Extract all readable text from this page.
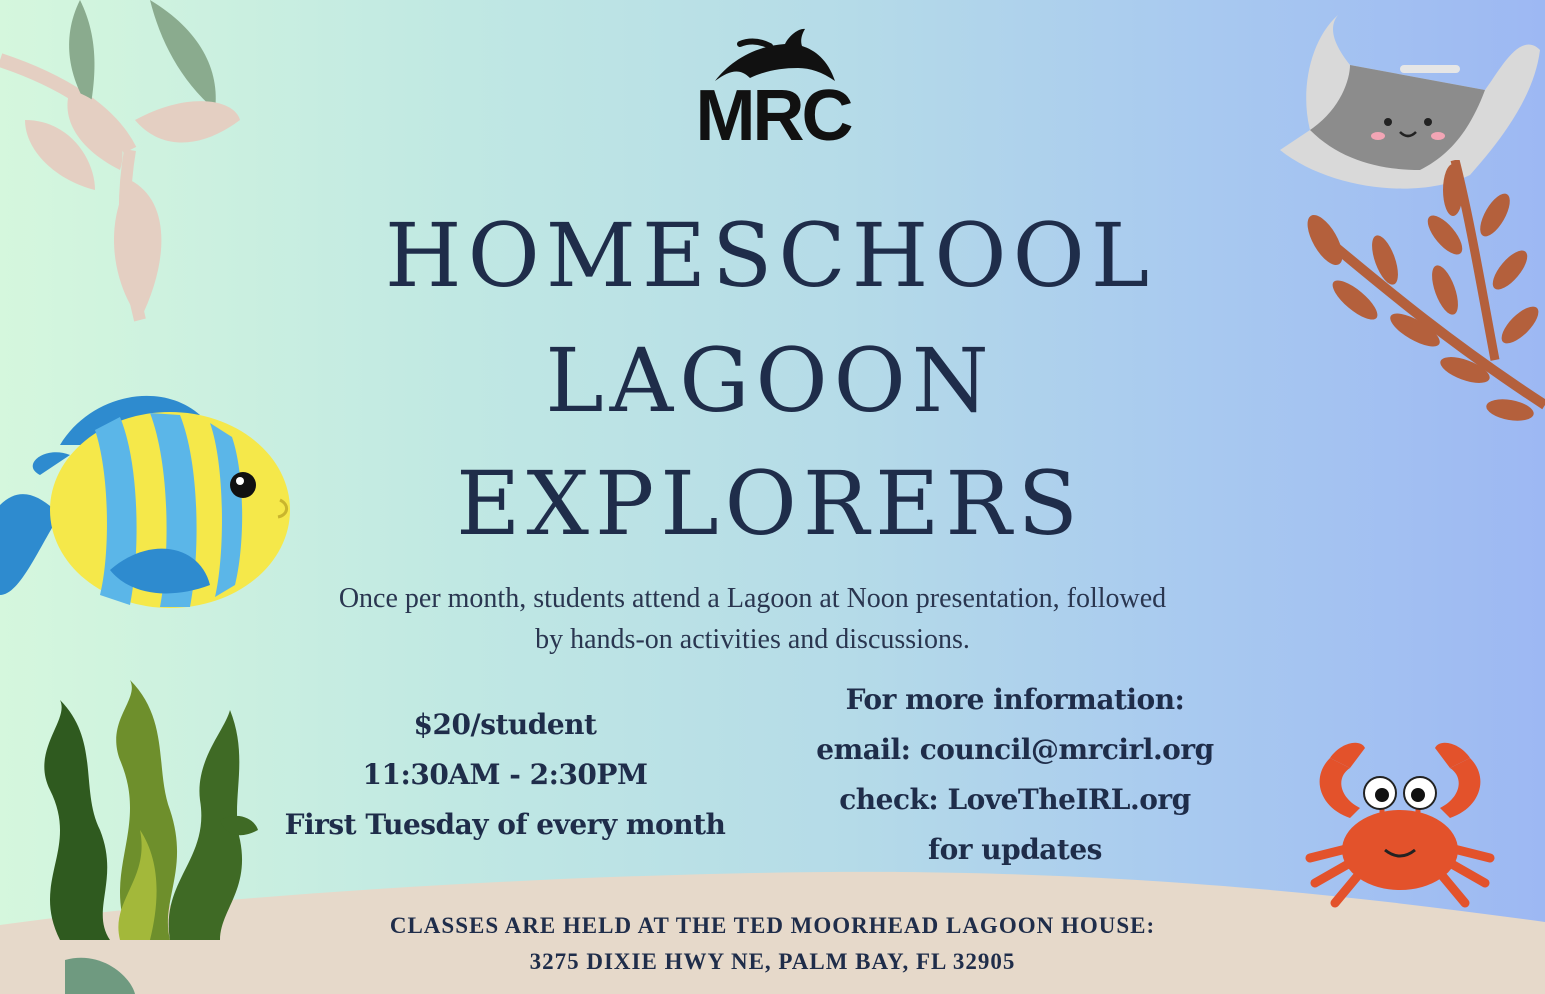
MRC
HOMESCHOOL
LAGOON
EXPLORERS
Once per month, students attend a Lagoon at Noon presentation, followed
by hands-on activities and discussions.
$20/student
11:30AM - 2:30PM
First Tuesday of every month
For more information:
email: council@mrcirl.org
check: LoveTheIRL.org
for updates
CLASSES ARE HELD AT THE TED MOORHEAD LAGOON HOUSE:
3275 DIXIE HWY NE, PALM BAY, FL 32905
